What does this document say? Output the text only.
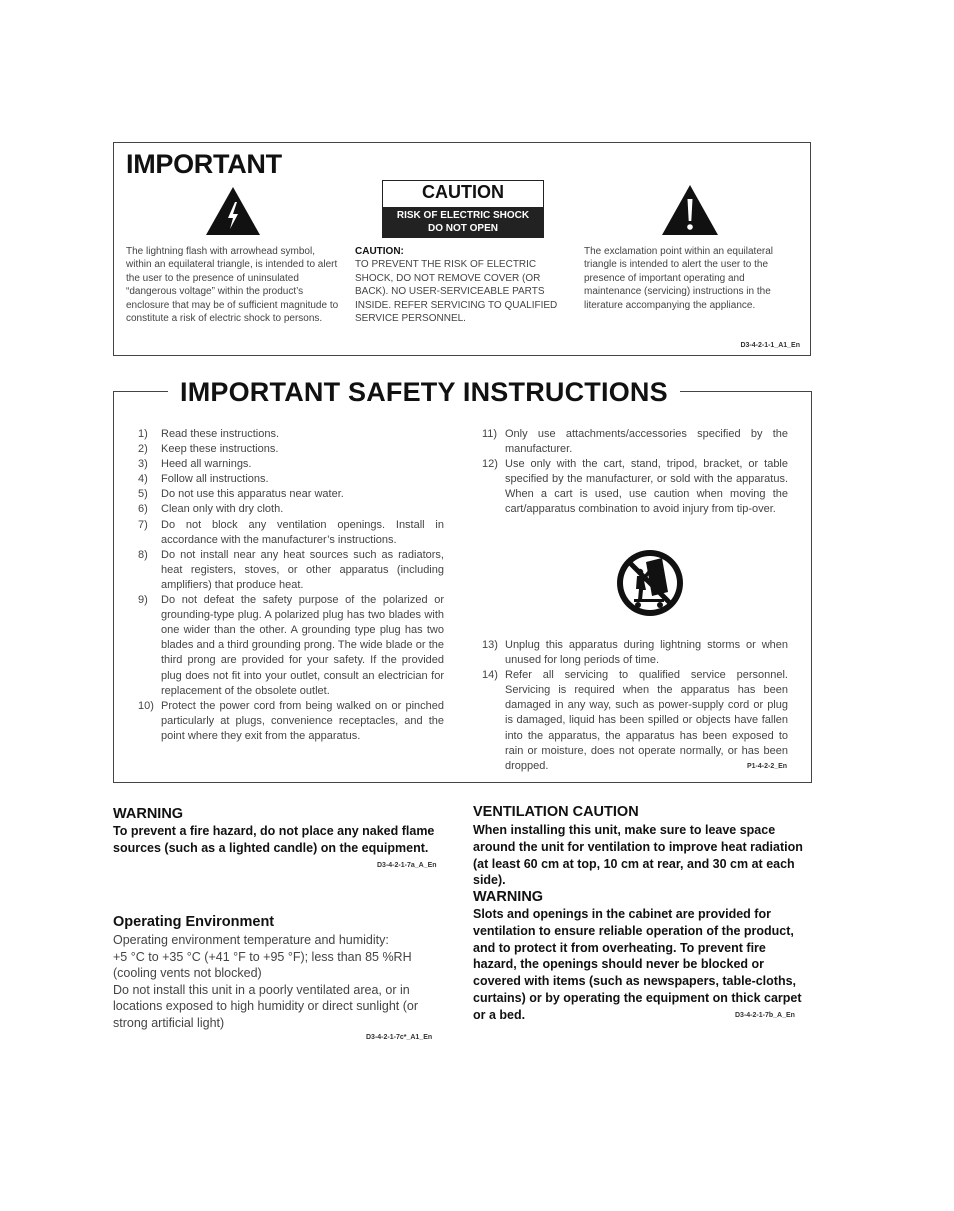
IMPORTANT
CAUTION
RISK OF ELECTRIC SHOCK
DO NOT OPEN
The lightning flash with arrowhead symbol, within an equilateral triangle, is intended to alert the user to the presence of uninsulated “dangerous voltage” within the product’s enclosure that may be of sufficient magnitude to constitute a risk of electric shock to persons.
CAUTION:
TO PREVENT THE RISK OF ELECTRIC SHOCK, DO NOT REMOVE COVER (OR BACK). NO USER-SERVICEABLE PARTS INSIDE. REFER SERVICING TO QUALIFIED SERVICE PERSONNEL.
The exclamation point within an equilateral triangle is intended to alert the user to the presence of important operating and maintenance (servicing) instructions in the literature accompanying the appliance.
D3-4-2-1-1_A1_En
IMPORTANT SAFETY INSTRUCTIONS
1) Read these instructions.
2) Keep these instructions.
3) Heed all warnings.
4) Follow all instructions.
5) Do not use this apparatus near water.
6) Clean only with dry cloth.
7) Do not block any ventilation openings. Install in accordance with the manufacturer’s instructions.
8) Do not install near any heat sources such as radiators, heat registers, stoves, or other apparatus (including amplifiers) that produce heat.
9) Do not defeat the safety purpose of the polarized or grounding-type plug. A polarized plug has two blades with one wider than the other. A grounding type plug has two blades and a third grounding prong. The wide blade or the third prong are provided for your safety. If the provided plug does not fit into your outlet, consult an electrician for replacement of the obsolete outlet.
10) Protect the power cord from being walked on or pinched particularly at plugs, convenience receptacles, and the point where they exit from the apparatus.
11) Only use attachments/accessories specified by the manufacturer.
12) Use only with the cart, stand, tripod, bracket, or table specified by the manufacturer, or sold with the apparatus. When a cart is used, use caution when moving the cart/apparatus combination to avoid injury from tip-over.
13) Unplug this apparatus during lightning storms or when unused for long periods of time.
14) Refer all servicing to qualified service personnel. Servicing is required when the apparatus has been damaged in any way, such as power-supply cord or plug is damaged, liquid has been spilled or objects have fallen into the apparatus, the apparatus has been exposed to rain or moisture, does not operate normally, or has been dropped.	P1-4-2-2_En
WARNING
To prevent a fire hazard, do not place any naked flame sources (such as a lighted candle) on the equipment.
D3-4-2-1-7a_A_En
Operating Environment
Operating environment temperature and humidity:
+5 °C to +35 °C (+41 °F to +95 °F); less than 85 %RH (cooling vents not blocked)
Do not install this unit in a poorly ventilated area, or in locations exposed to high humidity or direct sunlight (or strong artificial light)
D3-4-2-1-7c*_A1_En
VENTILATION CAUTION
When installing this unit, make sure to leave space around the unit for ventilation to improve heat radiation (at least 60 cm at top, 10 cm at rear, and 30 cm at each side).
WARNING
Slots and openings in the cabinet are provided for ventilation to ensure reliable operation of the product, and to protect it from overheating. To prevent fire hazard, the openings should never be blocked or covered with items (such as newspapers, table-cloths, curtains) or by operating the equipment on thick carpet or a bed.	D3-4-2-1-7b_A_En
